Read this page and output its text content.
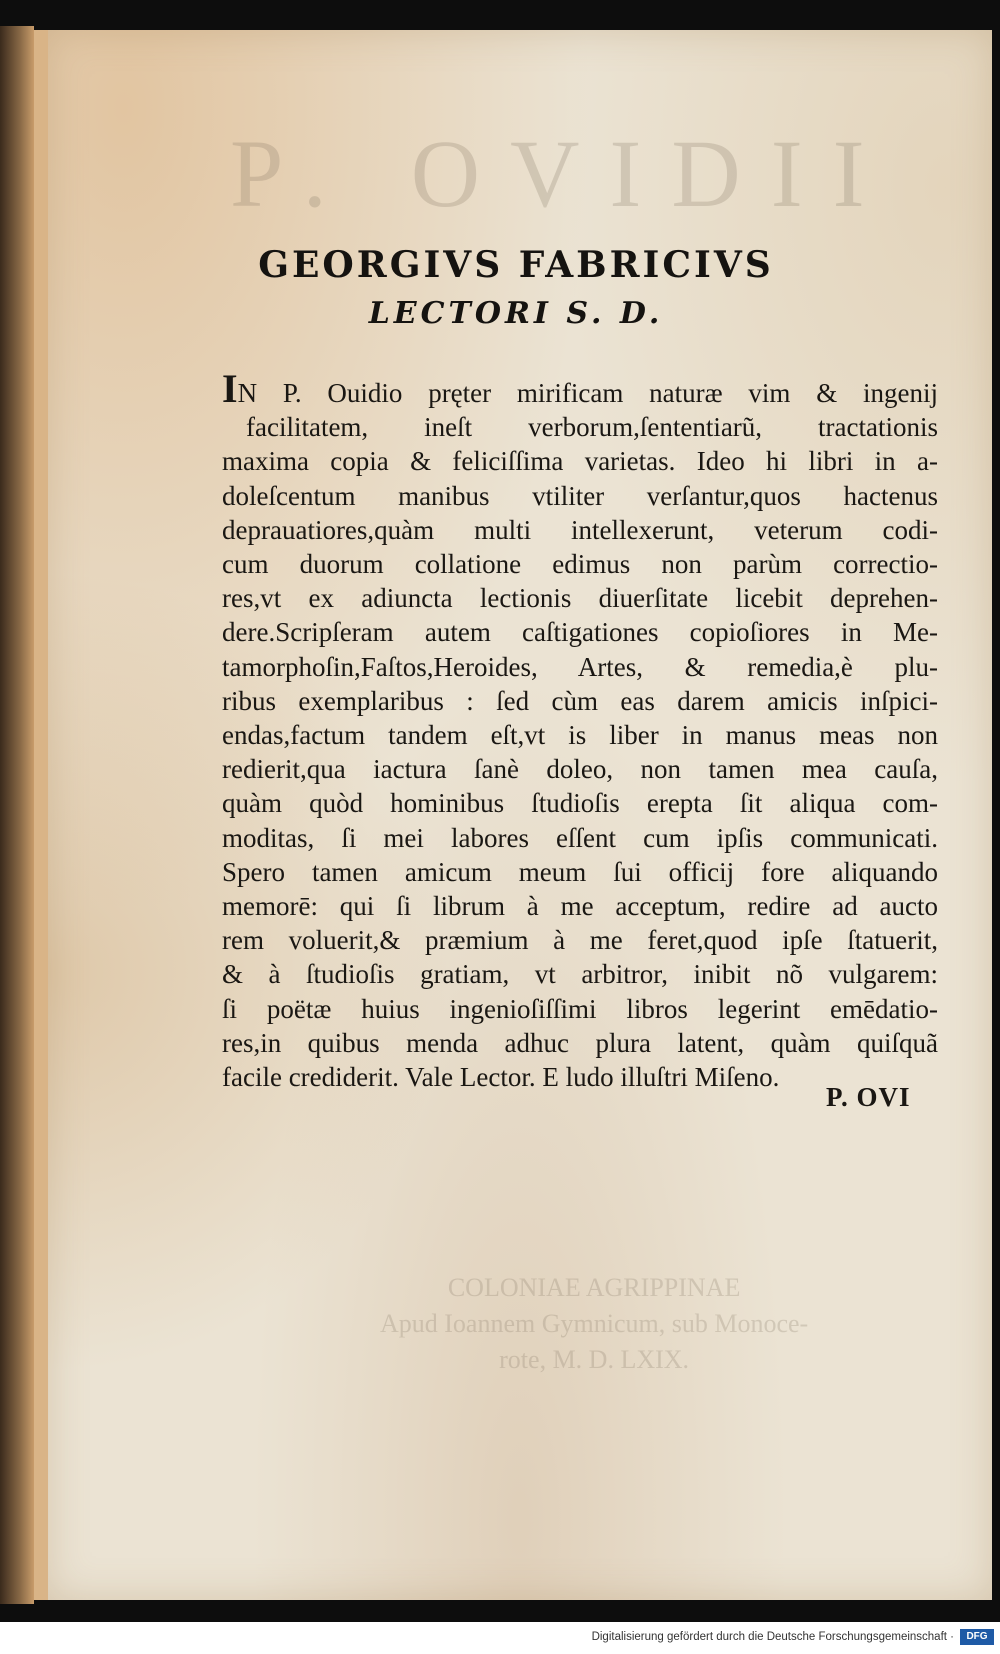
P. OVIDII
GEORGIVS FABRICIVS
LECTORI S. D.
IN P. Ouidio pręter mirificam naturæ vim & ingenij
facilitatem, ineſt verborum,ſententiarũ, tractationis
maxima copia & feliciſſima varietas. Ideo hi libri in a-
doleſcentum manibus vtiliter verſantur,quos hactenus
deprauatiores,quàm multi intellexerunt, veterum codi-
cum duorum collatione edimus non parùm correctio-
res,vt ex adiuncta lectionis diuerſitate licebit deprehen-
dere.Scripſeram autem caſtigationes copioſiores in Me-
tamorphoſin,Faſtos,Heroides, Artes, & remedia,è plu-
ribus exemplaribus : ſed cùm eas darem amicis inſpici-
endas,factum tandem eſt,vt is liber in manus meas non
redierit,qua iactura ſanè doleo, non tamen mea cauſa,
quàm quòd hominibus ſtudioſis erepta ſit aliqua com-
moditas, ſi mei labores eſſent cum ipſis communicati.
Spero tamen amicum meum ſui officij fore aliquando
memorē: qui ſi librum à me acceptum, redire ad aucto
rem voluerit,& præmium à me feret,quod ipſe ſtatuerit,
& à ſtudioſis gratiam, vt arbitror, inibit nõ vulgarem:
ſi poëtæ huius ingenioſiſſimi libros legerint emēdatio-
res,in quibus menda adhuc plura latent, quàm quiſquã
facile crediderit. Vale Lector. E ludo illuſtri Miſeno.
P. OVI
COLONIAE AGRIPPINAE
Apud Ioannem Gymnicum, sub Monoce-
rote, M. D. LXIX.
Digitalisierung gefördert durch die Deutsche Forschungsgemeinschaft ·	DFG
